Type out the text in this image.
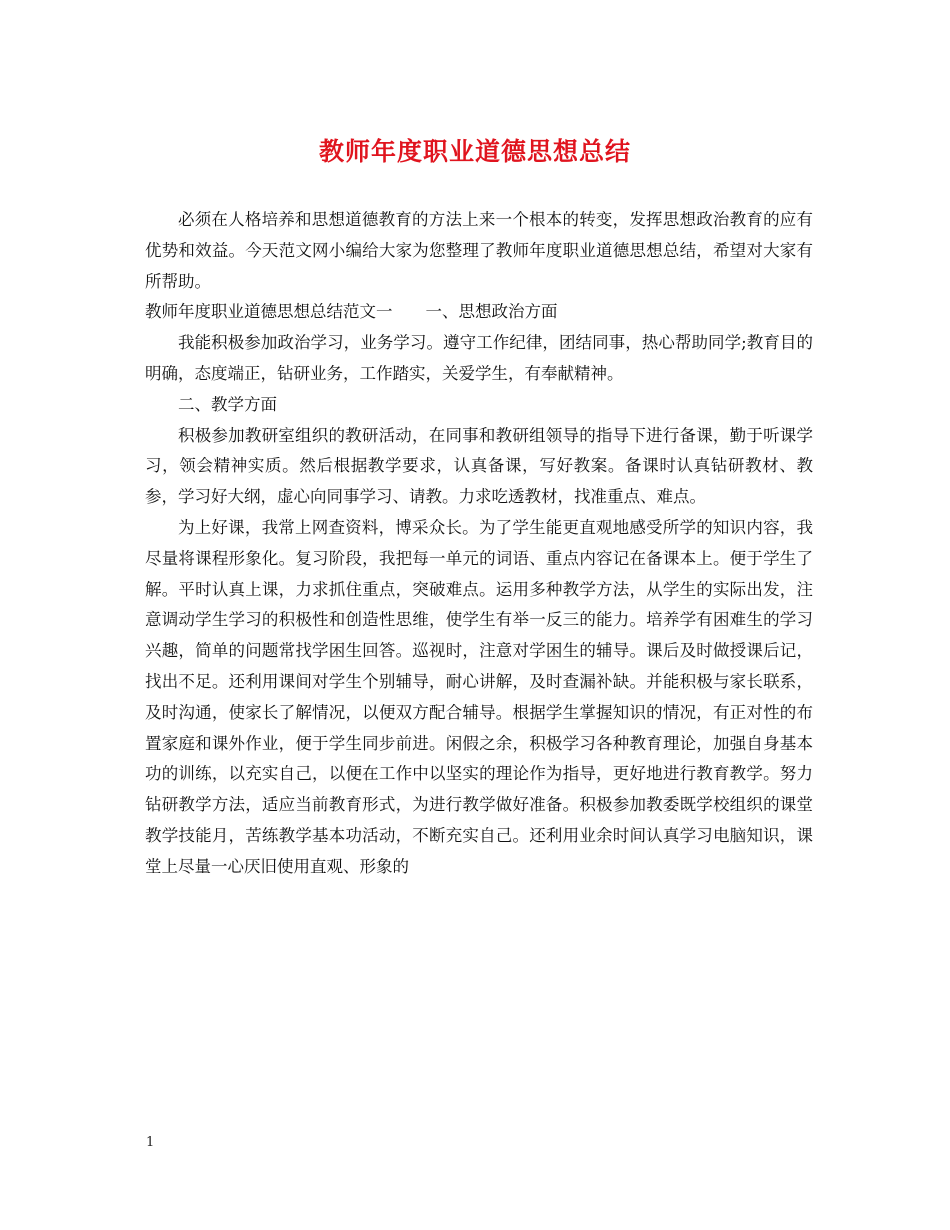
教师年度职业道德思想总结

必须在人格培养和思想道德教育的方法上来一个根本的转变，发挥思想政治教育的应有优势和效益。今天范文网小编给大家为您整理了教师年度职业道德思想总结，希望对大家有所帮助。

教师年度职业道德思想总结范文一　　一、思想政治方面

我能积极参加政治学习，业务学习。遵守工作纪律，团结同事，热心帮助同学;教育目的明确，态度端正，钻研业务，工作踏实，关爱学生，有奉献精神。

二、教学方面

积极参加教研室组织的教研活动，在同事和教研组领导的指导下进行备课，勤于听课学习，领会精神实质。然后根据教学要求，认真备课，写好教案。备课时认真钻研教材、教参，学习好大纲，虚心向同事学习、请教。力求吃透教材，找准重点、难点。

为上好课，我常上网查资料，博采众长。为了学生能更直观地感受所学的知识内容，我尽量将课程形象化。复习阶段，我把每一单元的词语、重点内容记在备课本上。便于学生了解。平时认真上课，力求抓住重点，突破难点。运用多种教学方法，从学生的实际出发，注意调动学生学习的积极性和创造性思维，使学生有举一反三的能力。培养学有困难生的学习兴趣，简单的问题常找学困生回答。巡视时，注意对学困生的辅导。课后及时做授课后记，找出不足。还利用课间对学生个别辅导，耐心讲解，及时查漏补缺。并能积极与家长联系，及时沟通，使家长了解情况，以便双方配合辅导。根据学生掌握知识的情况，有正对性的布置家庭和课外作业，便于学生同步前进。闲假之余，积极学习各种教育理论，加强自身基本功的训练，以充实自己，以便在工作中以坚实的理论作为指导，更好地进行教育教学。努力钻研教学方法，适应当前教育形式，为进行教学做好准备。积极参加教委既学校组织的课堂教学技能月，苦练教学基本功活动，不断充实自己。还利用业余时间认真学习电脑知识，课堂上尽量一心厌旧使用直观、形象的

1
